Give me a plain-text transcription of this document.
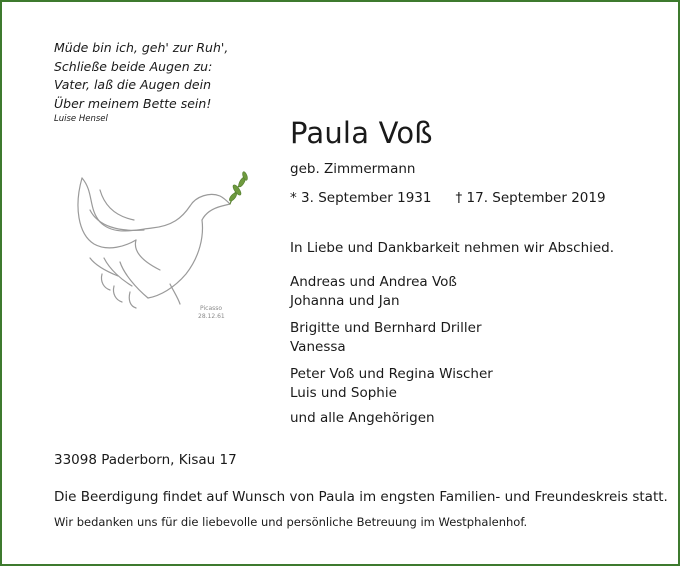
Müde bin ich, geh' zur Ruh',
Schließe beide Augen zu:
Vater, laß die Augen dein
Über meinem Bette sein!
Luise Hensel
Picasso
28.12.61
Paula Voß
geb. Zimmermann
* 3. September 1931 † 17. September 2019
In Liebe und Dankbarkeit nehmen wir Abschied.
Andreas und Andrea Voß
Johanna und Jan
Brigitte und Bernhard Driller
Vanessa
Peter Voß und Regina Wischer
Luis und Sophie
und alle Angehörigen
33098 Paderborn, Kisau 17
Die Beerdigung findet auf Wunsch von Paula im engsten Familien- und Freundeskreis statt.
Wir bedanken uns für die liebevolle und persönliche Betreuung im Westphalenhof.
